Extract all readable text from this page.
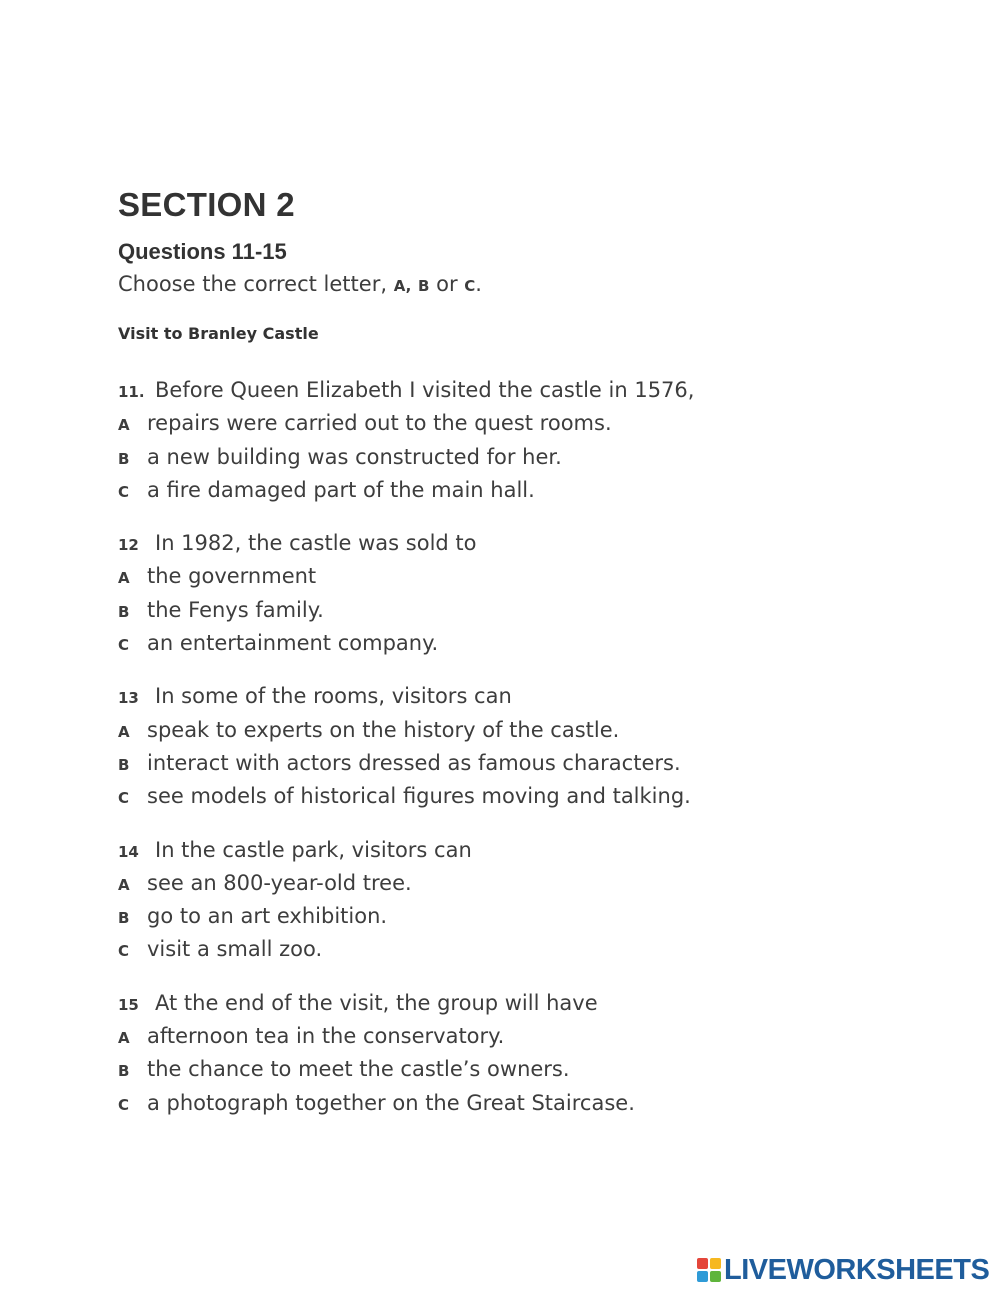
SECTION 2
Questions 11-15
Choose the correct letter, A, B or C.
Visit to Branley Castle
11. Before Queen Elizabeth I visited the castle in 1576,
A repairs were carried out to the quest rooms.
B a new building was constructed for her.
C a fire damaged part of the main hall.
12 In 1982, the castle was sold to
A the government
B the Fenys family.
C an entertainment company.
13 In some of the rooms, visitors can
A speak to experts on the history of the castle.
B interact with actors dressed as famous characters.
C see models of historical figures moving and talking.
14 In the castle park, visitors can
A see an 800-year-old tree.
B go to an art exhibition.
C visit a small zoo.
15 At the end of the visit, the group will have
A afternoon tea in the conservatory.
B the chance to meet the castle’s owners.
C a photograph together on the Great Staircase.
LIVEWORKSHEETS
